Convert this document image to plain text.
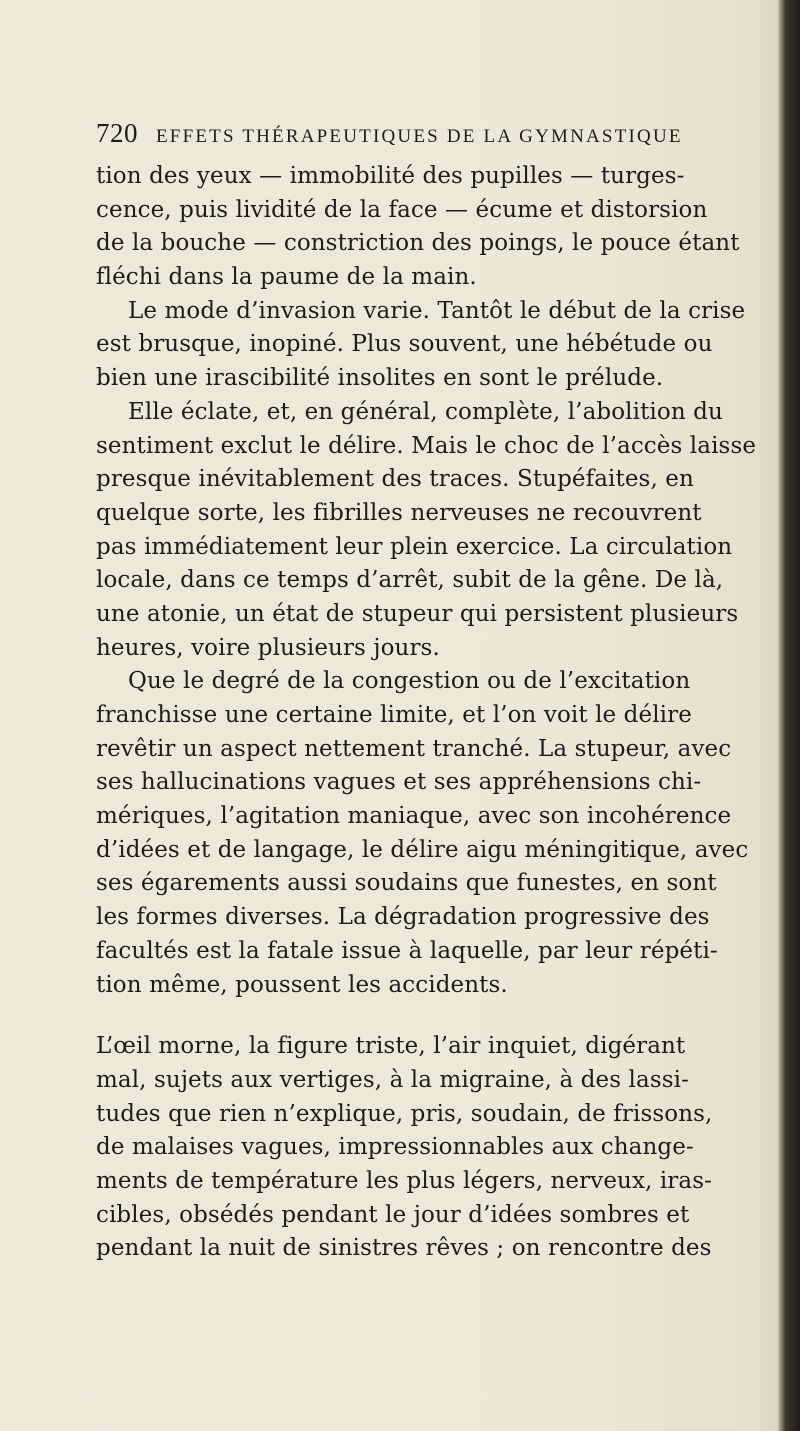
720 EFFETS THÉRAPEUTIQUES DE LA GYMNASTIQUE
tion des yeux — immobilité des pupilles — turges-
cence, puis lividité de la face — écume et distorsion
de la bouche — constriction des poings, le pouce étant
fléchi dans la paume de la main.
Le mode d’invasion varie. Tantôt le début de la crise
est brusque, inopiné. Plus souvent, une hébétude ou
bien une irascibilité insolites en sont le prélude.
Elle éclate, et, en général, complète, l’abolition du
sentiment exclut le délire. Mais le choc de l’accès laisse
presque inévitablement des traces. Stupéfaites, en
quelque sorte, les fibrilles nerveuses ne recouvrent
pas immédiatement leur plein exercice. La circulation
locale, dans ce temps d’arrêt, subit de la gêne. De là,
une atonie, un état de stupeur qui persistent plusieurs
heures, voire plusieurs jours.
Que le degré de la congestion ou de l’excitation
franchisse une certaine limite, et l’on voit le délire
revêtir un aspect nettement tranché. La stupeur, avec
ses hallucinations vagues et ses appréhensions chi-
mériques, l’agitation maniaque, avec son incohérence
d’idées et de langage, le délire aigu méningitique, avec
ses égarements aussi soudains que funestes, en sont
les formes diverses. La dégradation progressive des
facultés est la fatale issue à laquelle, par leur répéti-
tion même, poussent les accidents.
L’œil morne, la figure triste, l’air inquiet, digérant
mal, sujets aux vertiges, à la migraine, à des lassi-
tudes que rien n’explique, pris, soudain, de frissons,
de malaises vagues, impressionnables aux change-
ments de température les plus légers, nerveux, iras-
cibles, obsédés pendant le jour d’idées sombres et
pendant la nuit de sinistres rêves ; on rencontre des
